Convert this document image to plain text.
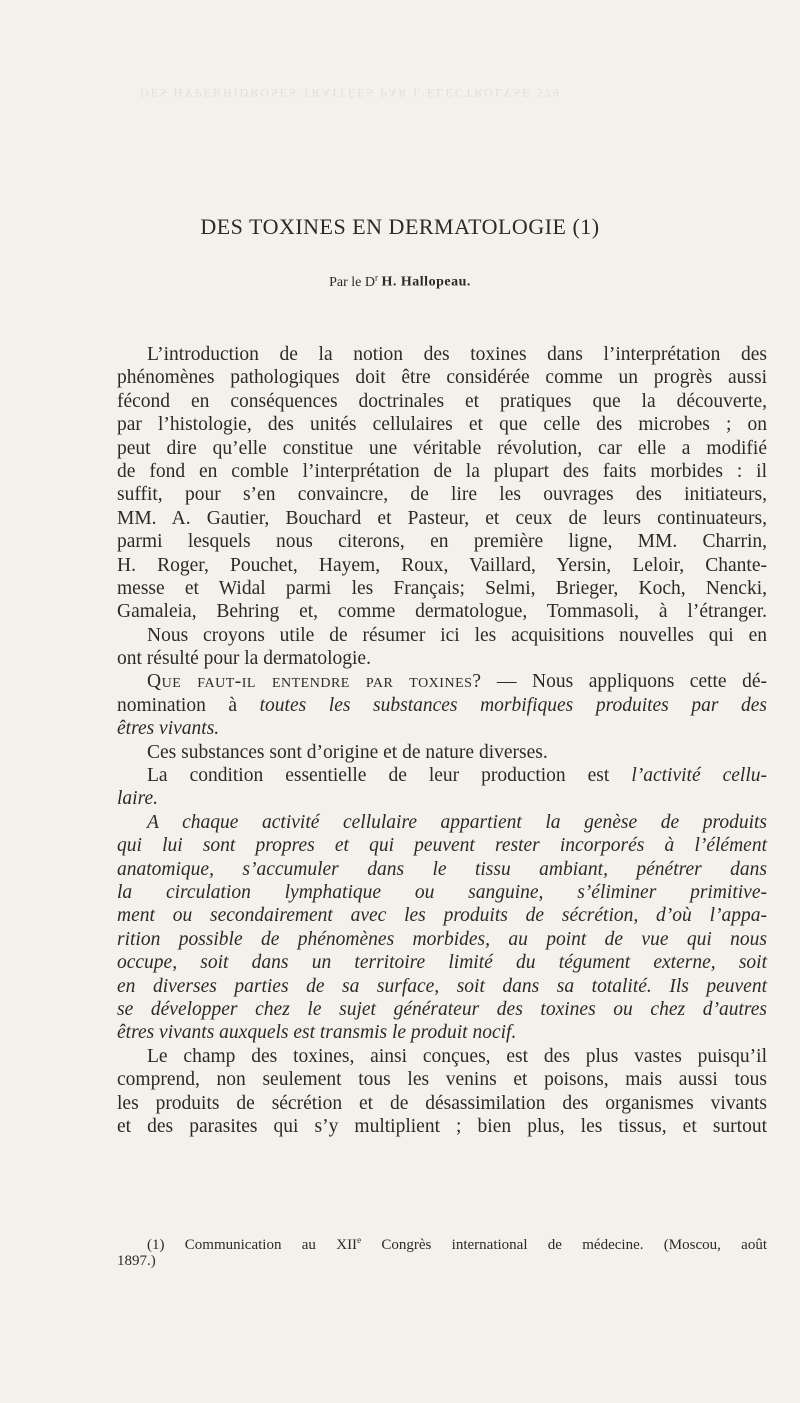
DES HYPERHIDROSES TRAITÉES PAR L'ÉLECTROLYSE 579
DES TOXINES EN DERMATOLOGIE (1)
Par le $D^r$ H. Hallopeau.
L’introduction de la notion des toxines dans l’interprétation des
phénomènes pathologiques doit être considérée comme un progrès aussi
fécond en conséquences doctrinales et pratiques que la découverte,
par l’histologie, des unités cellulaires et que celle des microbes ; on
peut dire qu’elle constitue une véritable révolution, car elle a modifié
de fond en comble l’interprétation de la plupart des faits morbides : il
suffit, pour s’en convaincre, de lire les ouvrages des initiateurs,
MM. A. Gautier, Bouchard et Pasteur, et ceux de leurs continuateurs,
parmi lesquels nous citerons, en première ligne, MM. Charrin,
H. Roger, Pouchet, Hayem, Roux, Vaillard, Yersin, Leloir, Chante-
messe et Widal parmi les Français; Selmi, Brieger, Koch, Nencki,
Gamaleia, Behring et, comme dermatologue, Tommasoli, à l’étranger.
Nous croyons utile de résumer ici les acquisitions nouvelles qui en
ont résulté pour la dermatologie.
Que faut-il entendre par toxines? — Nous appliquons cette dé-
nomination à toutes les substances morbifiques produites par des
êtres vivants.
Ces substances sont d’origine et de nature diverses.
La condition essentielle de leur production est l’activité cellu-
laire.
A chaque activité cellulaire appartient la genèse de produits
qui lui sont propres et qui peuvent rester incorporés à l’élément
anatomique, s’accumuler dans le tissu ambiant, pénétrer dans
la circulation lymphatique ou sanguine, s’éliminer primitive-
ment ou secondairement avec les produits de sécrétion, d’où l’appa-
rition possible de phénomènes morbides, au point de vue qui nous
occupe, soit dans un territoire limité du tégument externe, soit
en diverses parties de sa surface, soit dans sa totalité. Ils peuvent
se développer chez le sujet générateur des toxines ou chez d’autres
êtres vivants auxquels est transmis le produit nocif.
Le champ des toxines, ainsi conçues, est des plus vastes puisqu’il
comprend, non seulement tous les venins et poisons, mais aussi tous
les produits de sécrétion et de désassimilation des organismes vivants
et des parasites qui s’y multiplient ; bien plus, les tissus, et surtout
(1) Communication au XIIe Congrès international de médecine. (Moscou, août
1897.)
